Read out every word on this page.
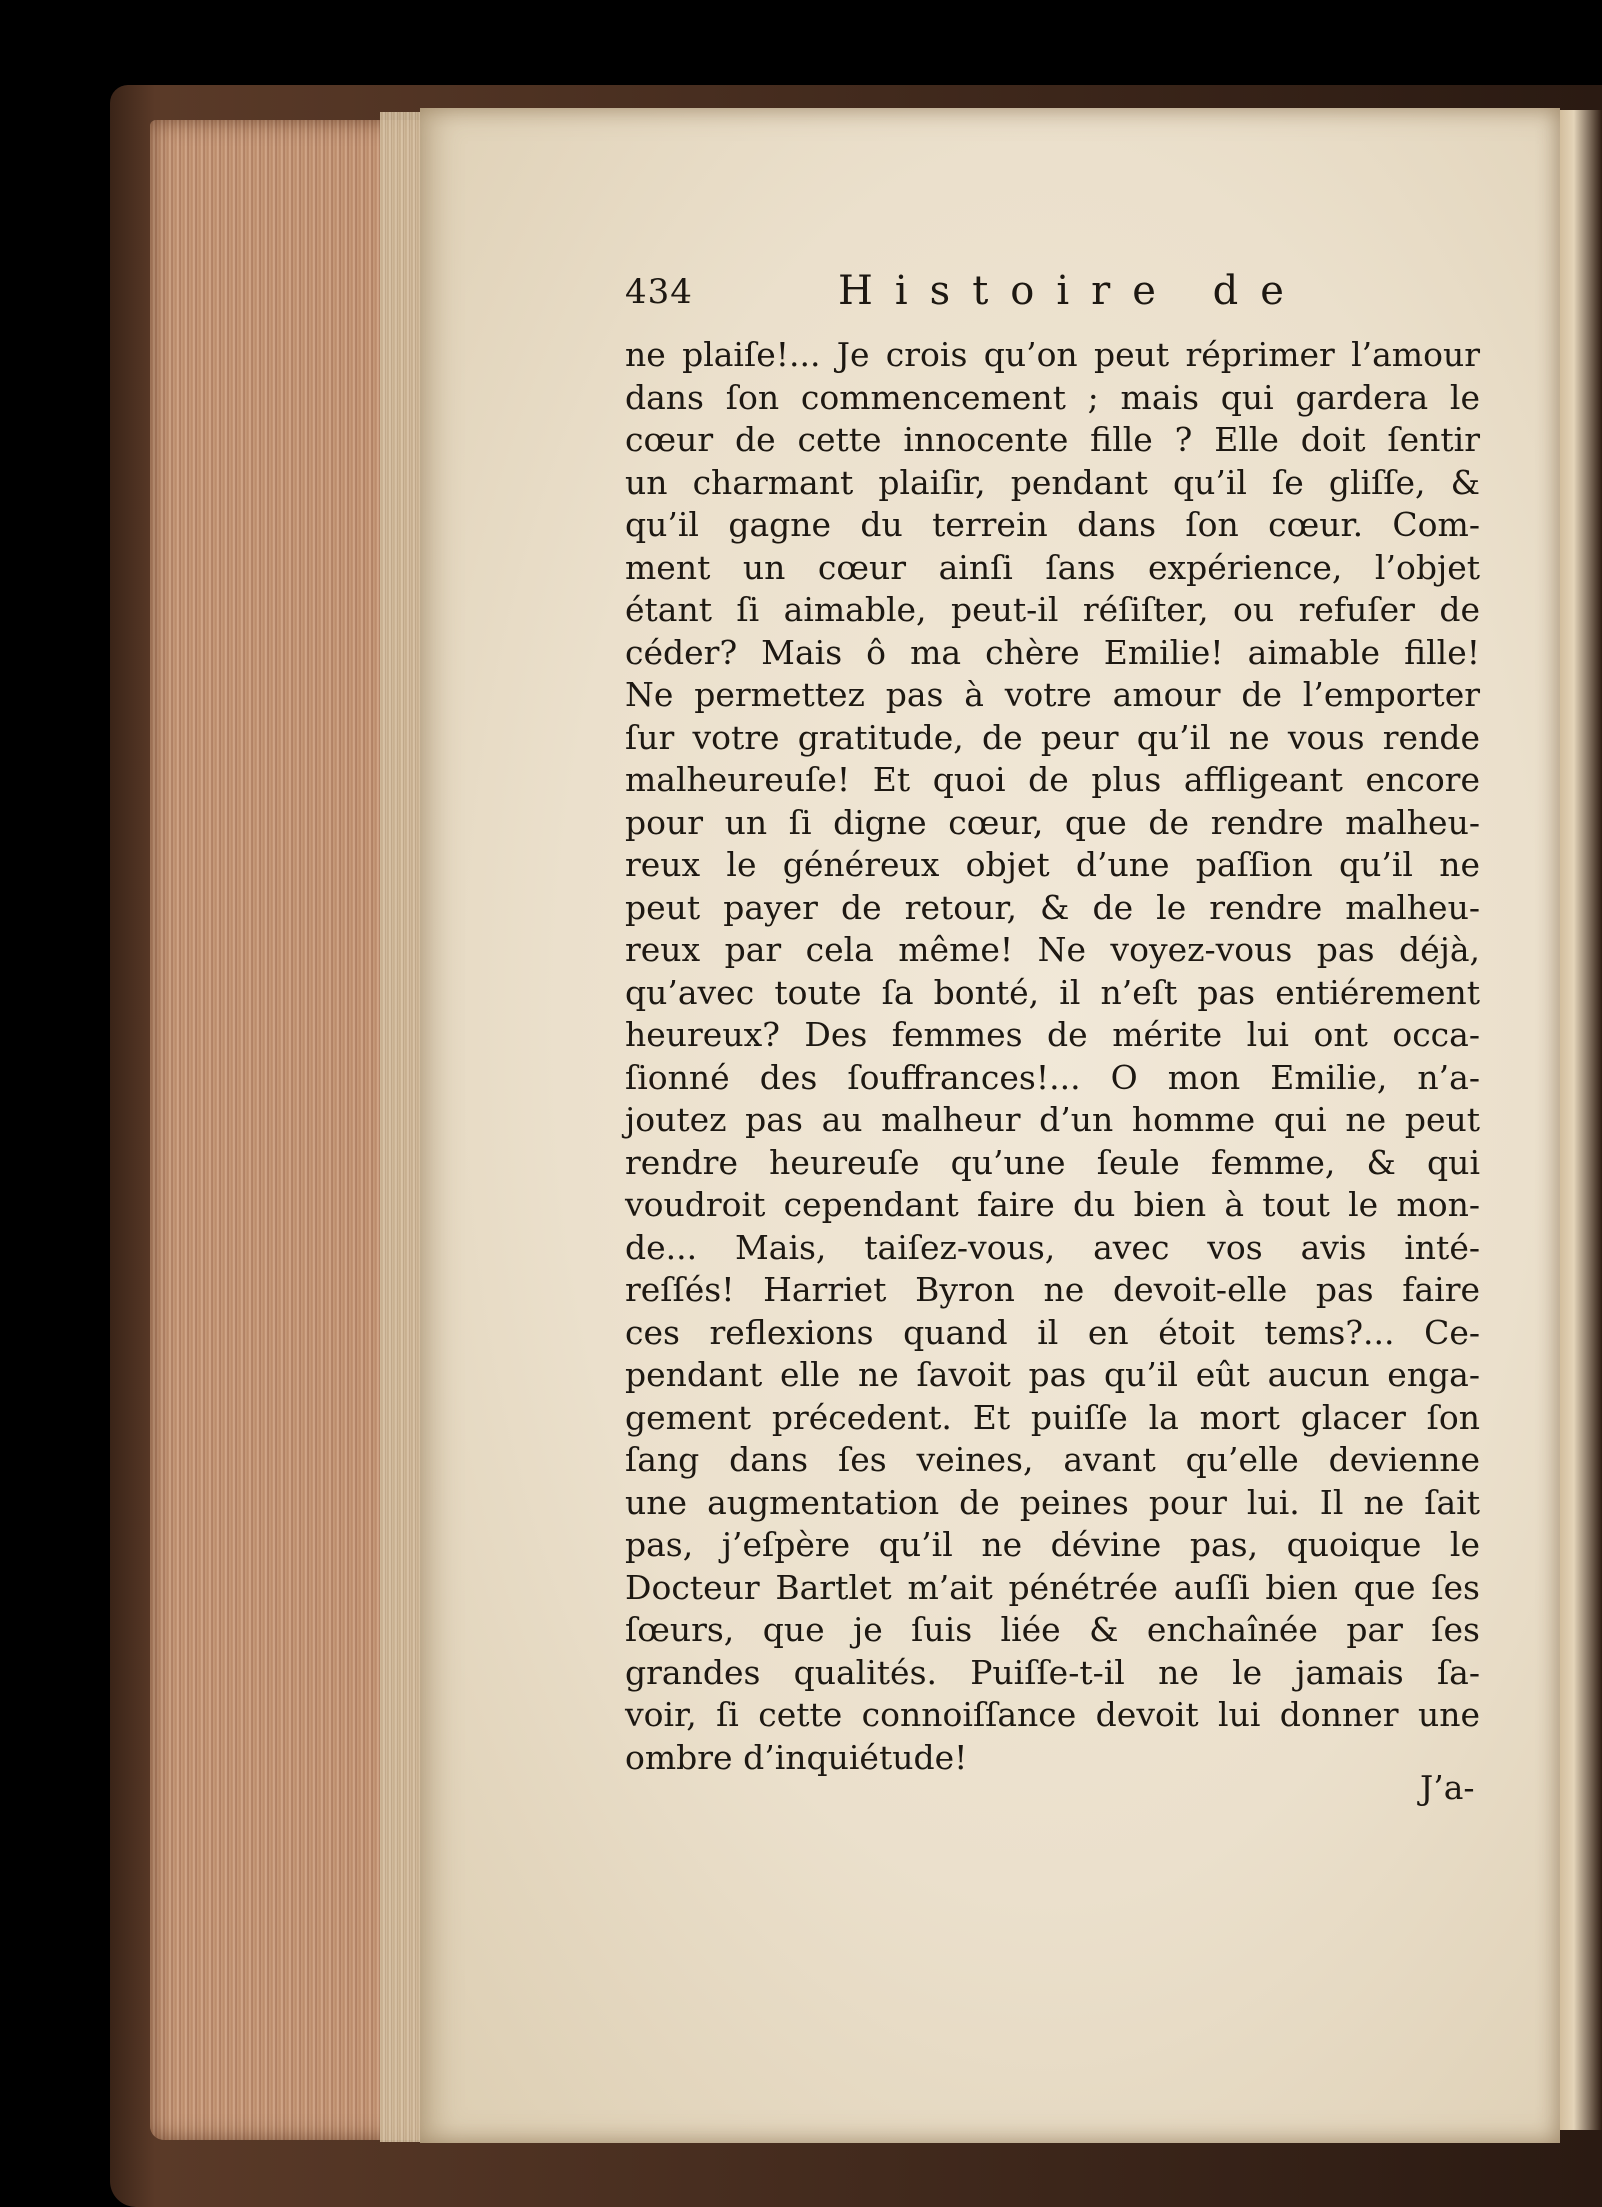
434	Histoire de
ne plaiſe!... Je crois qu’on peut réprimer l’amour
dans ſon commencement ; mais qui gardera le
cœur de cette innocente fille ? Elle doit ſentir
un charmant plaiſir, pendant qu’il ſe gliſſe, &
qu’il gagne du terrein dans ſon cœur. Com-
ment un cœur ainſi ſans expérience, l’objet
étant ſi aimable, peut-il réſiſter, ou refuſer de
céder? Mais ô ma chère Emilie! aimable fille!
Ne permettez pas à votre amour de l’emporter
ſur votre gratitude, de peur qu’il ne vous rende
malheureuſe! Et quoi de plus affligeant encore
pour un ſi digne cœur, que de rendre malheu-
reux le généreux objet d’une paſſion qu’il ne
peut payer de retour, & de le rendre malheu-
reux par cela même! Ne voyez-vous pas déjà,
qu’avec toute ſa bonté, il n’eſt pas entiérement
heureux? Des femmes de mérite lui ont occa-
ſionné des ſouffrances!... O mon Emilie, n’a-
joutez pas au malheur d’un homme qui ne peut
rendre heureuſe qu’une ſeule femme, & qui
voudroit cependant faire du bien à tout le mon-
de... Mais, taiſez-vous, avec vos avis inté-
reſſés! Harriet Byron ne devoit-elle pas faire
ces reflexions quand il en étoit tems?... Ce-
pendant elle ne ſavoit pas qu’il eût aucun enga-
gement précedent. Et puiſſe la mort glacer ſon
ſang dans ſes veines, avant qu’elle devienne
une augmentation de peines pour lui. Il ne ſait
pas, j’eſpère qu’il ne dévine pas, quoique le
Docteur Bartlet m’ait pénétrée auſſi bien que ſes
ſœurs, que je ſuis liée & enchaînée par ſes
grandes qualités. Puiſſe-t-il ne le jamais ſa-
voir, ſi cette connoiſſance devoit lui donner une
ombre d’inquiétude!
J’a-
